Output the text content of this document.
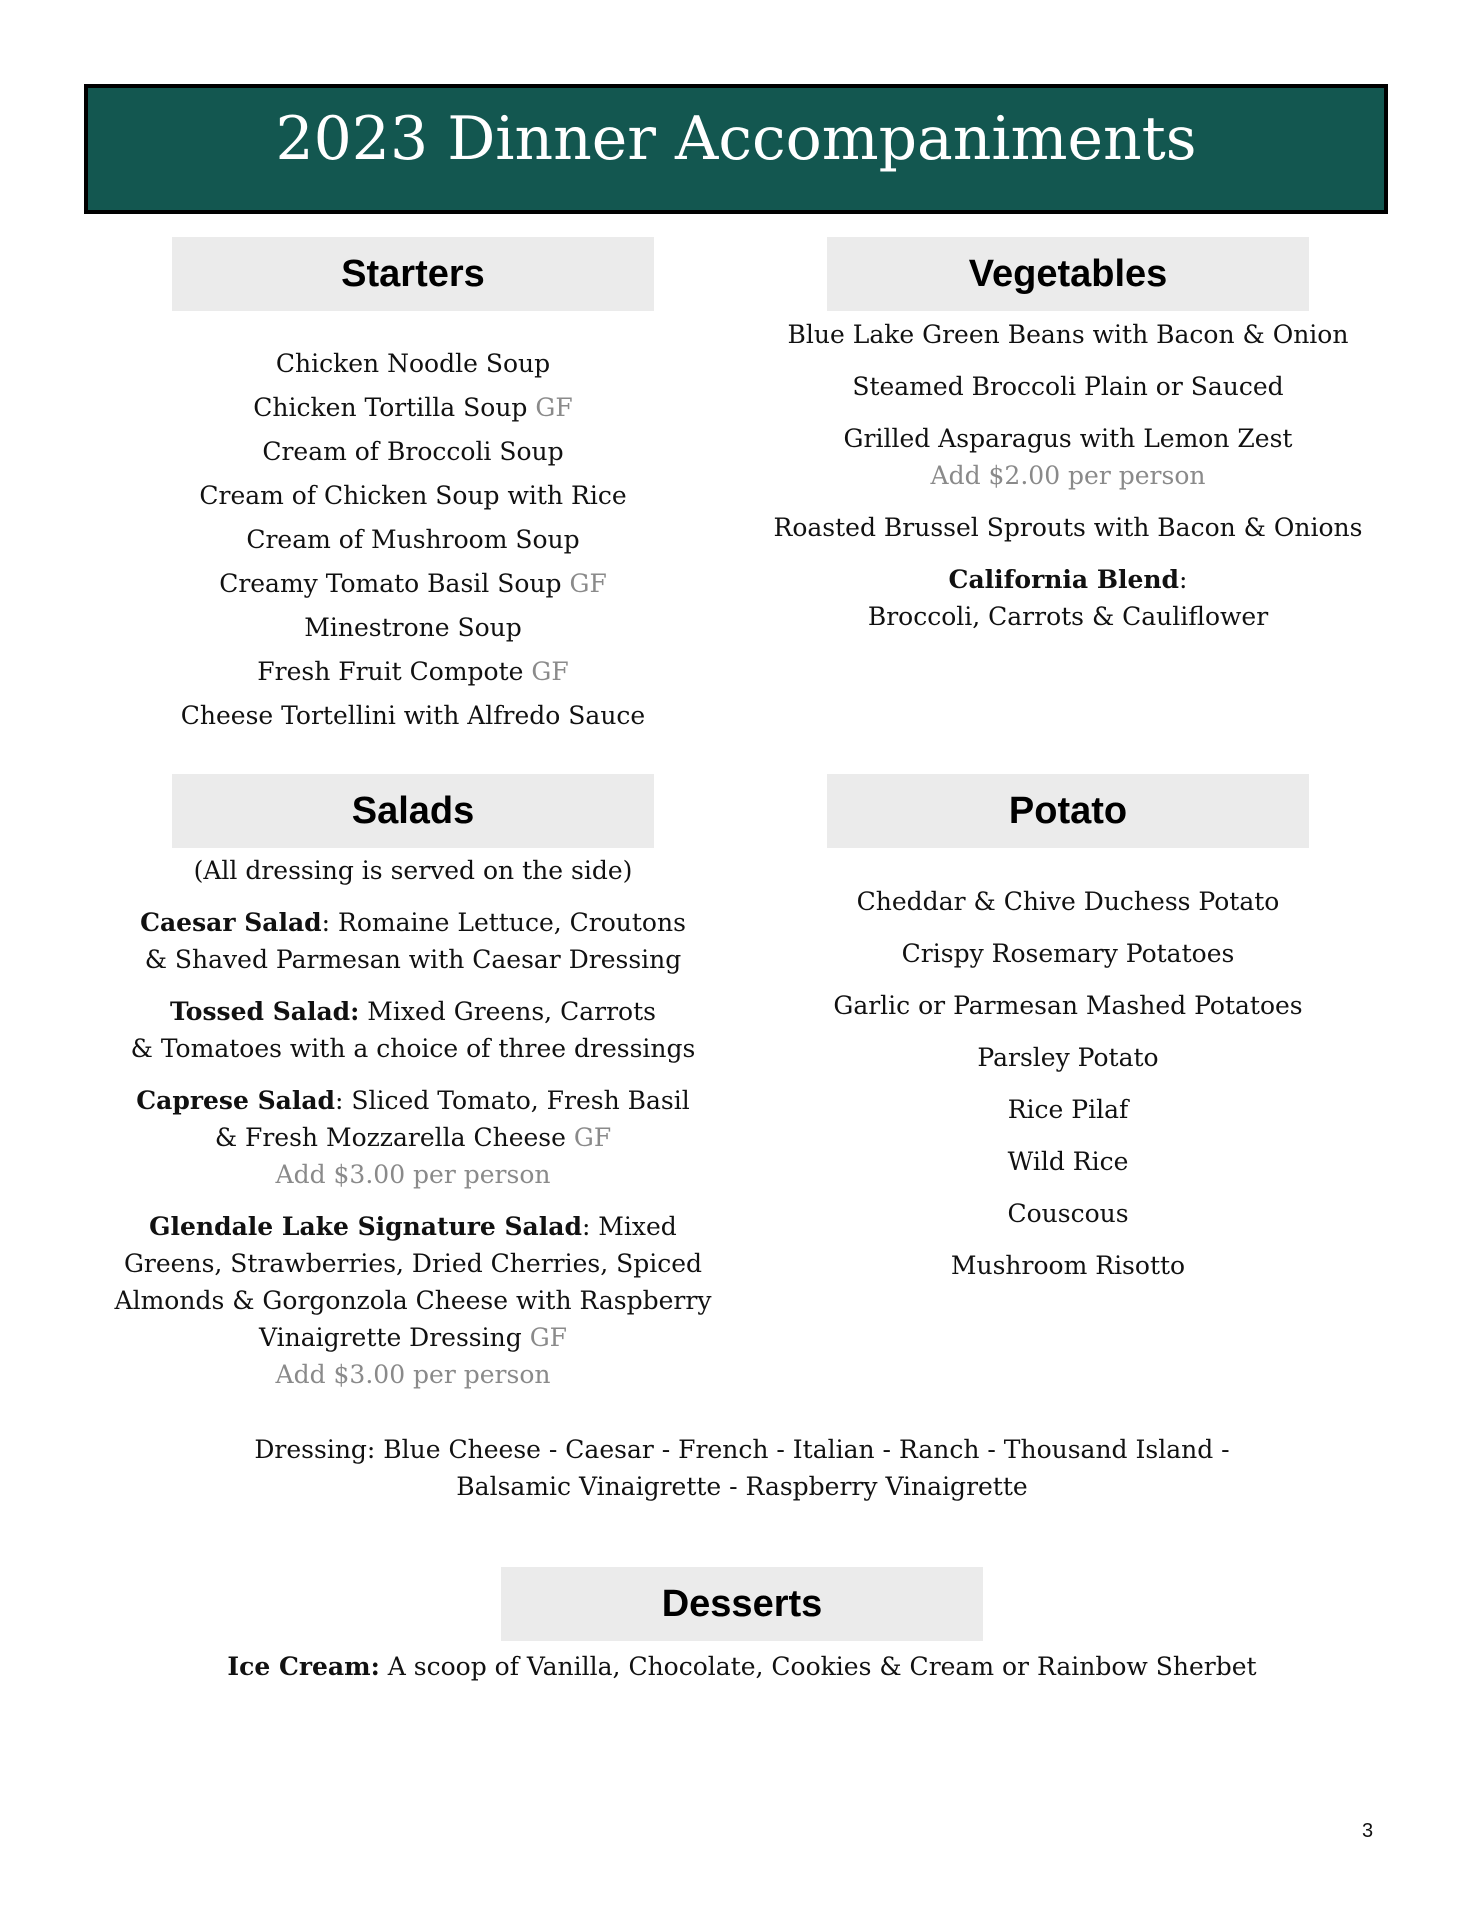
2023 Dinner Accompaniments
Starters

Chicken Noodle Soup

Chicken Tortilla Soup GF

Cream of Broccoli Soup

Cream of Chicken Soup with Rice

Cream of Mushroom Soup

Creamy Tomato Basil Soup GF

Minestrone Soup

Fresh Fruit Compote GF

Cheese Tortellini with Alfredo Sauce

Vegetables

Blue Lake Green Beans with Bacon & Onion

Steamed Broccoli Plain or Sauced

Grilled Asparagus with Lemon Zest

Add $2.00 per person

Roasted Brussel Sprouts with Bacon & Onions

California Blend:

Broccoli, Carrots & Cauliflower

Salads

(All dressing is served on the side)

Caesar Salad: Romaine Lettuce, Croutons

& Shaved Parmesan with Caesar Dressing

Tossed Salad: Mixed Greens, Carrots

& Tomatoes with a choice of three dressings

Caprese Salad: Sliced Tomato, Fresh Basil

& Fresh Mozzarella Cheese GF

Add $3.00 per person

Glendale Lake Signature Salad: Mixed

Greens, Strawberries, Dried Cherries, Spiced

Almonds & Gorgonzola Cheese with Raspberry

Vinaigrette Dressing GF

Add $3.00 per person

Potato

Cheddar & Chive Duchess Potato

Crispy Rosemary Potatoes

Garlic or Parmesan Mashed Potatoes

Parsley Potato

Rice Pilaf

Wild Rice

Couscous

Mushroom Risotto

Dressing: Blue Cheese - Caesar - French - Italian - Ranch - Thousand Island -

Balsamic Vinaigrette - Raspberry Vinaigrette

Desserts

Ice Cream: A scoop of Vanilla, Chocolate, Cookies & Cream or Rainbow Sherbet

3
